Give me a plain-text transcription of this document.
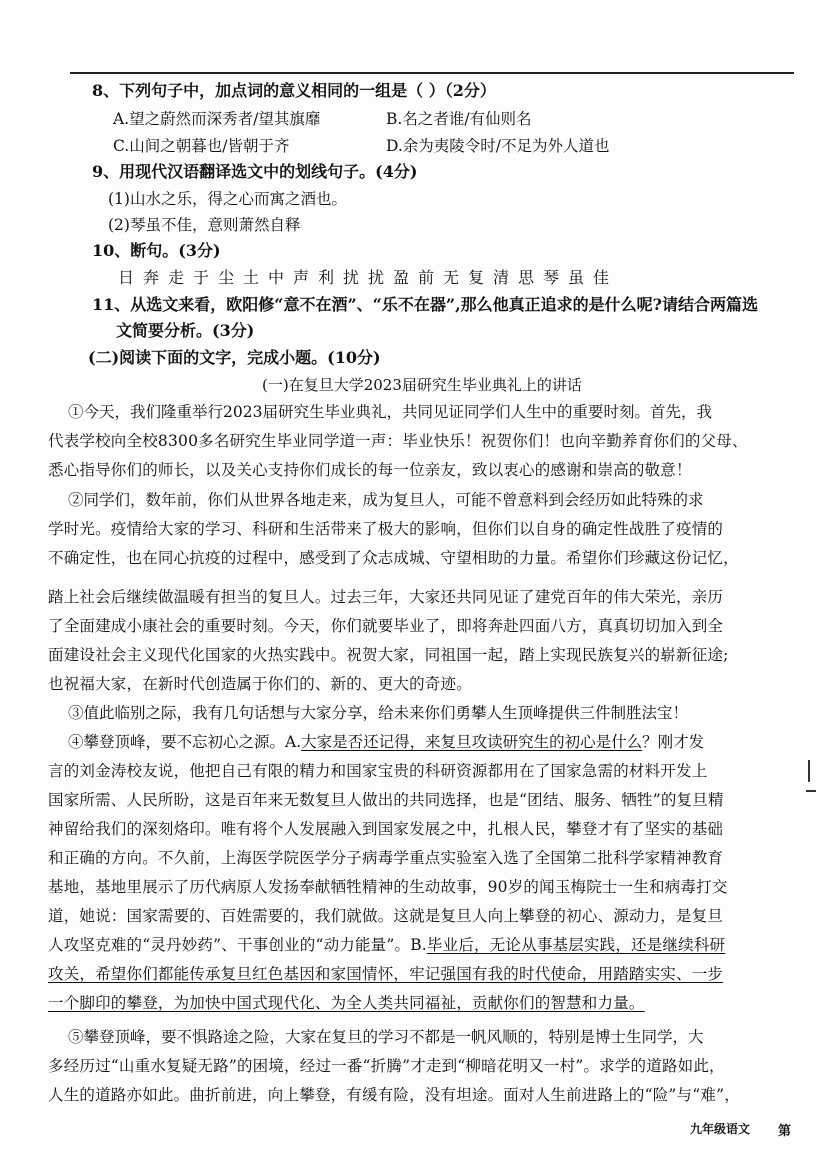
8、下列句子中，加点词的意义相同的一组是（ ）（2分）
A.望之蔚然而深秀者/望其旗靡	B.名之者谁/有仙则名
C.山间之朝暮也/皆朝于齐	D.余为夷陵令时/不足为外人道也
9、用现代汉语翻译选文中的划线句子。(4分)
(1)山水之乐，得之心而寓之酒也。
(2)琴虽不佳，意则萧然自释
10、断句。(3分)
日奔走于尘土中声利扰扰盈前无复清思琴虽佳
11、从选文来看，欧阳修“意不在酒”、“乐不在器”,那么他真正追求的是什么呢?请结合两篇选
文简要分析。(3分)
(二)阅读下面的文字，完成小题。(10分)
(一)在复旦大学2023届研究生毕业典礼上的讲话
①今天，我们隆重举行2023届研究生毕业典礼，共同见证同学们人生中的重要时刻。首先，我
代表学校向全校8300多名研究生毕业同学道一声：毕业快乐！祝贺你们！也向辛勤养育你们的父母、
悉心指导你们的师长，以及关心支持你们成长的每一位亲友，致以衷心的感谢和崇高的敬意！
②同学们，数年前，你们从世界各地走来，成为复旦人，可能不曾意料到会经历如此特殊的求
学时光。疫情给大家的学习、科研和生活带来了极大的影响，但你们以自身的确定性战胜了疫情的
不确定性，也在同心抗疫的过程中，感受到了众志成城、守望相助的力量。希望你们珍藏这份记忆，
踏上社会后继续做温暖有担当的复旦人。过去三年，大家还共同见证了建党百年的伟大荣光，亲历
了全面建成小康社会的重要时刻。今天，你们就要毕业了，即将奔赴四面八方，真真切切加入到全
面建设社会主义现代化国家的火热实践中。祝贺大家，同祖国一起，踏上实现民族复兴的崭新征途;
也祝福大家，在新时代创造属于你们的、新的、更大的奇迹。
③值此临别之际，我有几句话想与大家分享，给未来你们勇攀人生顶峰提供三件制胜法宝！
④攀登顶峰，要不忘初心之源。A.大家是否还记得，来复旦攻读研究生的初心是什么？刚才发
言的刘金涛校友说，他把自己有限的精力和国家宝贵的科研资源都用在了国家急需的材料开发上
国家所需、人民所盼，这是百年来无数复旦人做出的共同选择，也是“团结、服务、牺牲”的复旦精
神留给我们的深刻烙印。唯有将个人发展融入到国家发展之中，扎根人民，攀登才有了坚实的基础
和正确的方向。不久前，上海医学院医学分子病毒学重点实验室入选了全国第二批科学家精神教育
基地，基地里展示了历代病原人发扬奉献牺牲精神的生动故事，90岁的闻玉梅院士一生和病毒打交
道，她说：国家需要的、百姓需要的，我们就做。这就是复旦人向上攀登的初心、源动力，是复旦
人攻坚克难的“灵丹妙药”、干事创业的“动力能量”。B.毕业后，无论从事基层实践，还是继续科研
攻关，希望你们都能传承复旦红色基因和家国情怀，牢记强国有我的时代使命，用踏踏实实、一步
一个脚印的攀登，为加快中国式现代化、为全人类共同福祉，贡献你们的智慧和力量。
⑤攀登顶峰，要不惧路途之险，大家在复旦的学习不都是一帆风顺的，特别是博士生同学，大
多经历过“山重水复疑无路”的困境，经过一番“折腾”才走到“柳暗花明又一村”。求学的道路如此，
人生的道路亦如此。曲折前进，向上攀登，有缓有险，没有坦途。面对人生前进路上的“险”与“难”，
九年级语文 第
